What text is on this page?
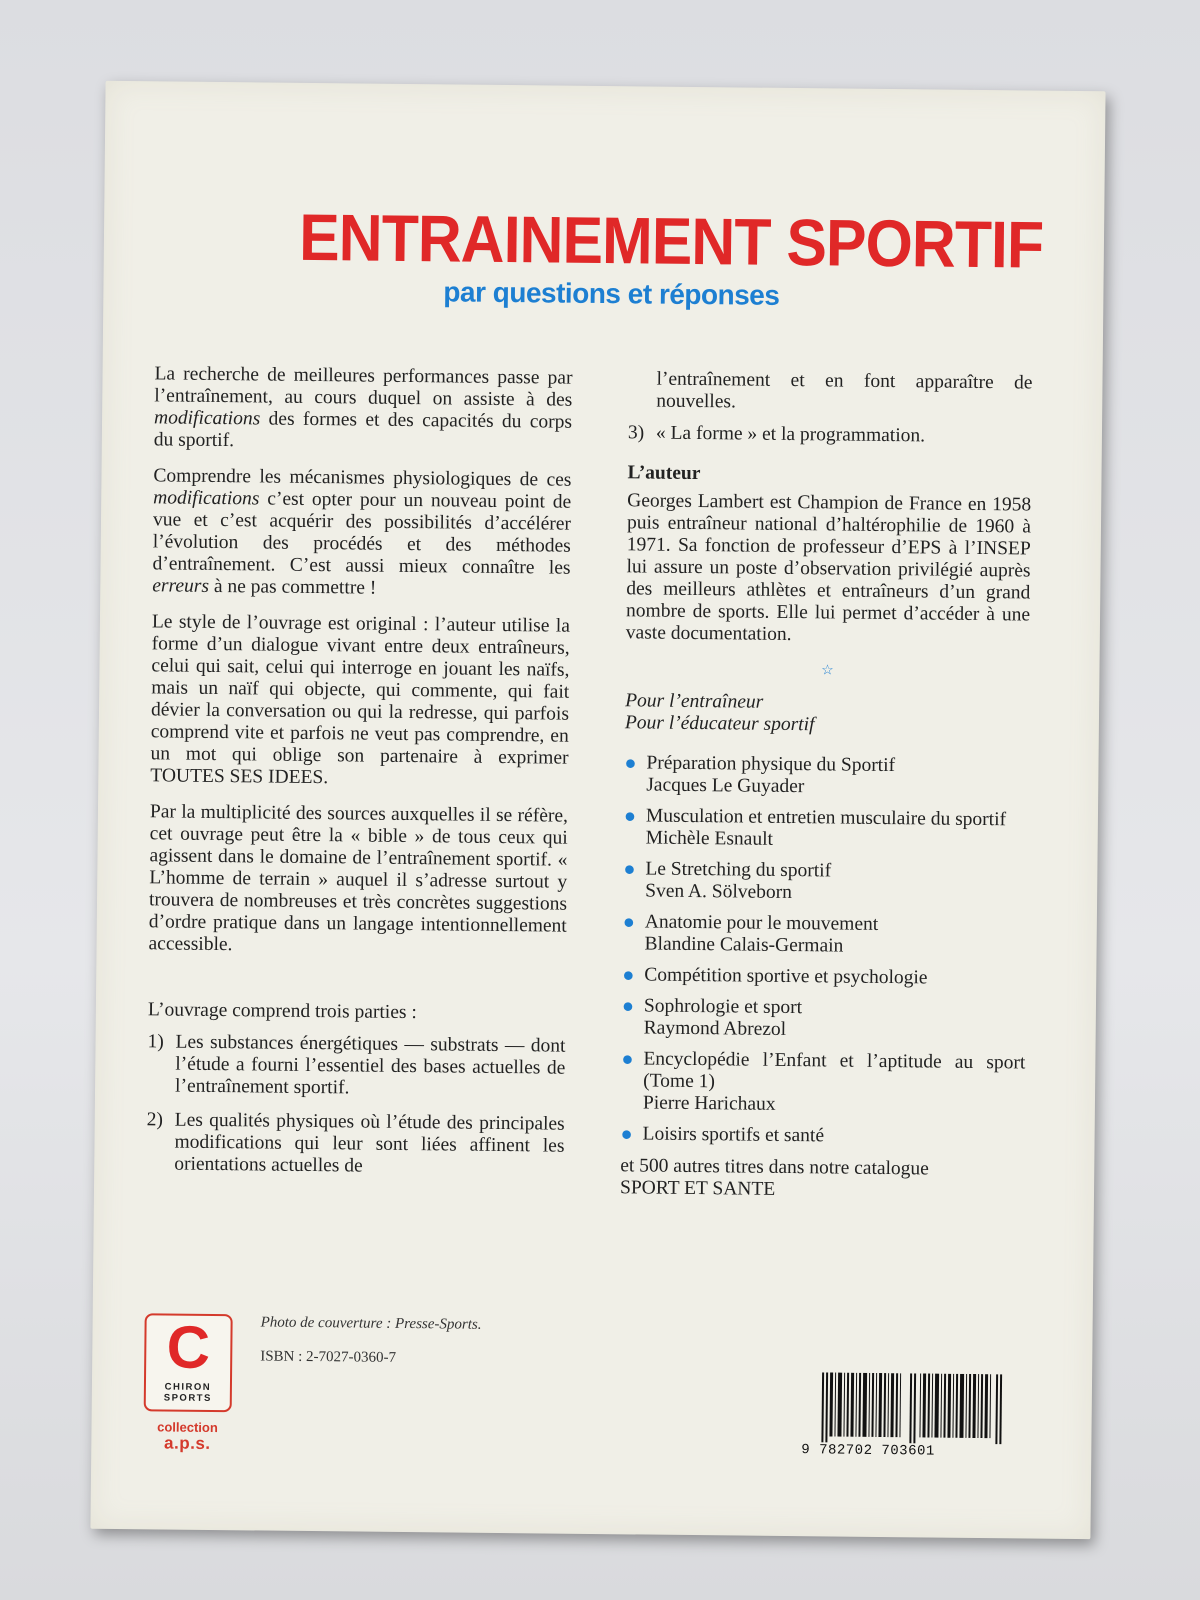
ENTRAINEMENT SPORTIF
par questions et réponses

La recherche de meilleures performances passe par l’entraînement, au cours duquel on assiste à des modifications des formes et des capacités du corps du sportif.

Comprendre les mécanismes physiologiques de ces modifications c’est opter pour un nouveau point de vue et c’est acquérir des possibilités d’accélérer l’évolution des procédés et des méthodes d’entraînement. C’est aussi mieux connaître les erreurs à ne pas commettre !

Le style de l’ouvrage est original : l’auteur utilise la forme d’un dialogue vivant entre deux entraîneurs, celui qui sait, celui qui interroge en jouant les naïfs, mais un naïf qui objecte, qui commente, qui fait dévier la conversation ou qui la redresse, qui parfois comprend vite et parfois ne veut pas comprendre, en un mot qui oblige son partenaire à exprimer TOUTES SES IDEES.

Par la multiplicité des sources auxquelles il se réfère, cet ouvrage peut être la « bible » de tous ceux qui agissent dans le domaine de l’entraînement sportif. « L’homme de terrain » auquel il s’adresse surtout y trouvera de nombreuses et très concrètes suggestions d’ordre pratique dans un langage intentionnellement accessible.

L’ouvrage comprend trois parties :

1) Les substances énergétiques — substrats — dont l’étude a fourni l’essentiel des bases actuelles de l’entraînement sportif.
2) Les qualités physiques où l’étude des principales modifications qui leur sont liées affinent les orientations actuelles de

l’entraînement et en font apparaître de nouvelles.

3) « La forme » et la programmation.
L’auteur

Georges Lambert est Champion de France en 1958 puis entraîneur national d’haltérophilie de 1960 à 1971. Sa fonction de professeur d’EPS à l’INSEP lui assure un poste d’observation privilégié auprès des meilleurs athlètes et entraîneurs d’un grand nombre de sports. Elle lui permet d’accéder à une vaste documentation.

☆
Pour l’entraîneur
Pour l’éducateur sportif
● Préparation physique du Sportif
Jacques Le Guyader
● Musculation et entretien musculaire du sportif
Michèle Esnault
● Le Stretching du sportif
Sven A. Sölveborn
● Anatomie pour le mouvement
Blandine Calais-Germain
● Compétition sportive et psychologie
● Sophrologie et sport
Raymond Abrezol
● Encyclopédie l’Enfant et l’aptitude au sport (Tome 1)
Pierre Harichaux
● Loisirs sportifs et santé
et 500 autres titres dans notre catalogue
SPORT ET SANTE
C
CHIRON
SPORTS
collection
a.p.s.
Photo de couverture : Presse-Sports.
ISBN : 2-7027-0360-7
9 782702 703601
